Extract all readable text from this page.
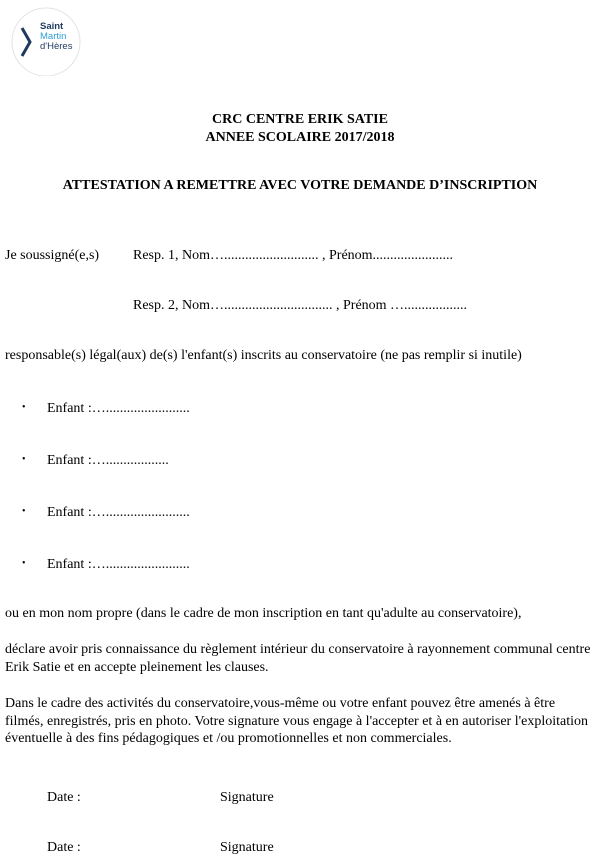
Saint
Martin
d'Hères
CRC CENTRE ERIK SATIE
ANNEE SCOLAIRE 2017/2018
ATTESTATION A REMETTRE AVEC VOTRE DEMANDE D’INSCRIPTION
Je soussigné(e,s) Resp. 1, Nom…........................... , Prénom.......................
Resp. 2, Nom…............................... , Prénom …..................
responsable(s) légal(aux) de(s) l'enfant(s) inscrits au conservatoire (ne pas remplir si inutile)
• Enfant :…........................
• Enfant :…..................
• Enfant :…........................
• Enfant :…........................
ou en mon nom propre (dans le cadre de mon inscription en tant qu'adulte au conservatoire),
déclare avoir pris connaissance du règlement intérieur du conservatoire à rayonnement communal centre Erik Satie et en accepte pleinement les clauses.
Dans le cadre des activités du conservatoire,vous-même ou votre enfant pouvez être amenés à être filmés, enregistrés, pris en photo. Votre signature vous engage à l'accepter et à en autoriser l'exploitation éventuelle à des fins pédagogiques et /ou promotionnelles et non commerciales.
Date :	Signature
Date :	Signature
